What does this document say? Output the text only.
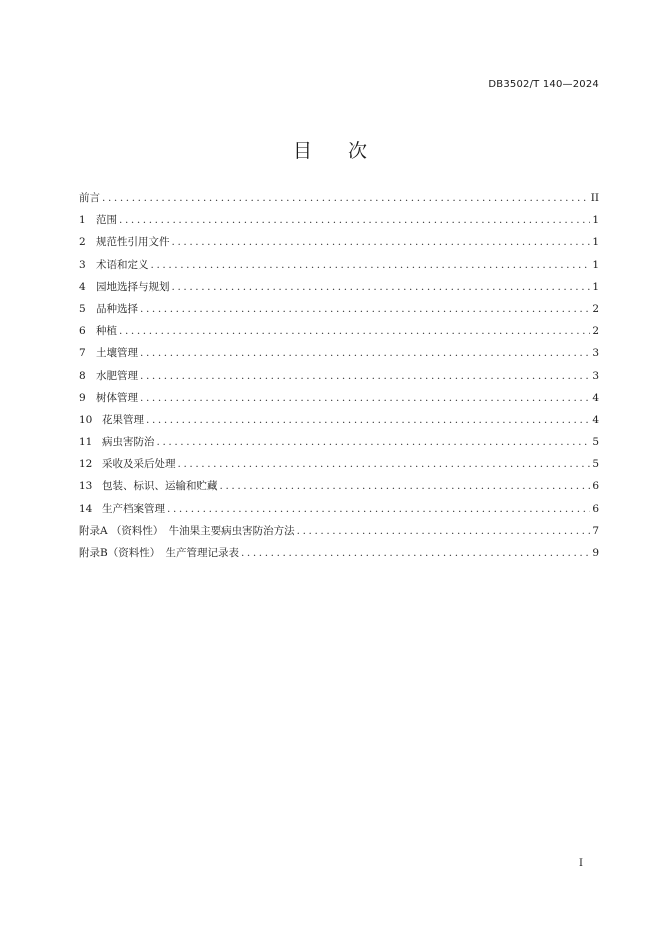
DB3502/T 140—2024
目 次
前言 .....	II
1 范围 .....	1
2 规范性引用文件 .....	1
3 术语和定义 .....	1
4 园地选择与规划 .....	1
5 品种选择 .....	2
6 种植 .....	2
7 土壤管理 .....	3
8 水肥管理 .....	3
9 树体管理 .....	4
10 花果管理 .....	4
11 病虫害防治 .....	5
12 采收及采后处理 .....	5
13 包装、标识、运输和贮藏 .....	6
14 生产档案管理 .....	6
附录A （资料性）　牛油果主要病虫害防治方法 .....	7
附录B（资料性）　生产管理记录表 .....	9
I
